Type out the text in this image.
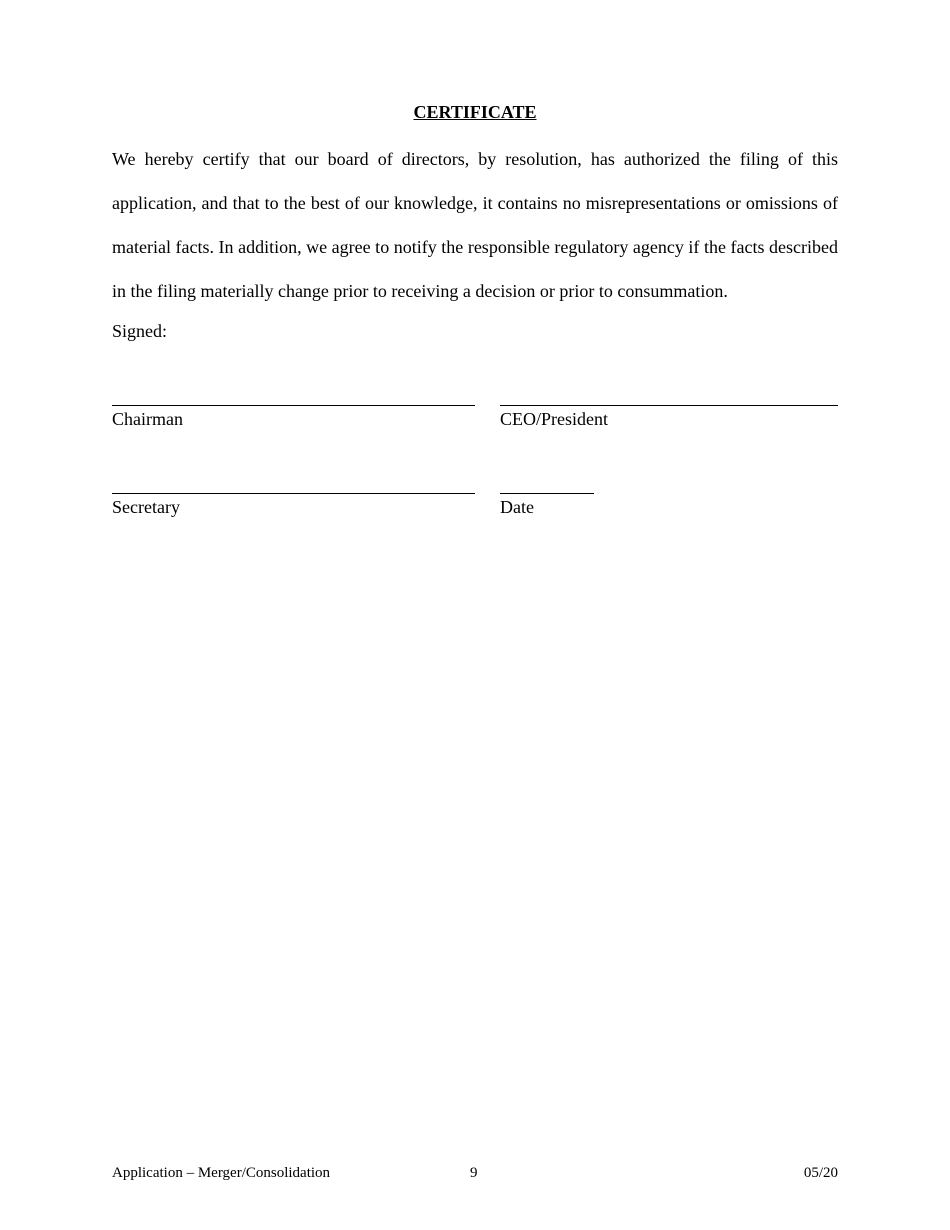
CERTIFICATE

We hereby certify that our board of directors, by resolution, has authorized the filing of this application, and that to the best of our knowledge, it contains no misrepresentations or omissions of material facts. In addition, we agree to notify the responsible regulatory agency if the facts described in the filing materially change prior to receiving a decision or prior to consummation.

Signed:
Chairman	CEO/President
Secretary	Date
Application – Merger/Consolidation	9	05/20
